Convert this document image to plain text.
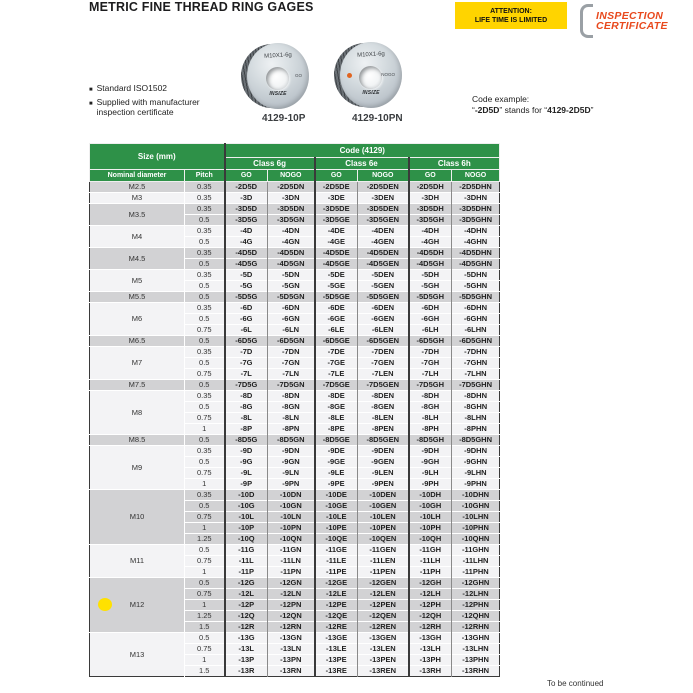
METRIC FINE THREAD RING GAGES	ATTENTION:
LIFE TIME IS LIMITED	INSPECTION
CERTIFICATE
M10X1-6g
GO
INSIZE
4129-10P
M10X1-6g
NOGO
INSIZE
4129-10PN
■ Standard ISO1502
■ Supplied with manufacturer inspection certificate
Code example:
“-2D5D” stands for “4129-2D5D”
Size (mm)		Code (4129)					
		Class 6g		Class 6e		Class 6h	
Nominal diameter	Pitch	GO	NOGO	GO	NOGO	GO	NOGO
M2.5	0.35	-2D5D	-2D5DN	-2D5DE	-2D5DEN	-2D5DH	-2D5DHN
M3	0.35	-3D	-3DN	-3DE	-3DEN	-3DH	-3DHN
M3.5	0.35	-3D5D	-3D5DN	-3D5DE	-3D5DEN	-3D5DH	-3D5DHN
	0.5	-3D5G	-3D5GN	-3D5GE	-3D5GEN	-3D5GH	-3D5GHN
M4	0.35	-4D	-4DN	-4DE	-4DEN	-4DH	-4DHN
	0.5	-4G	-4GN	-4GE	-4GEN	-4GH	-4GHN
M4.5	0.35	-4D5D	-4D5DN	-4D5DE	-4D5DEN	-4D5DH	-4D5DHN
	0.5	-4D5G	-4D5GN	-4D5GE	-4D5GEN	-4D5GH	-4D5GHN
M5	0.35	-5D	-5DN	-5DE	-5DEN	-5DH	-5DHN
	0.5	-5G	-5GN	-5GE	-5GEN	-5GH	-5GHN
M5.5	0.5	-5D5G	-5D5GN	-5D5GE	-5D5GEN	-5D5GH	-5D5GHN
M6	0.35	-6D	-6DN	-6DE	-6DEN	-6DH	-6DHN
	0.5	-6G	-6GN	-6GE	-6GEN	-6GH	-6GHN
	0.75	-6L	-6LN	-6LE	-6LEN	-6LH	-6LHN
M6.5	0.5	-6D5G	-6D5GN	-6D5GE	-6D5GEN	-6D5GH	-6D5GHN
M7	0.35	-7D	-7DN	-7DE	-7DEN	-7DH	-7DHN
	0.5	-7G	-7GN	-7GE	-7GEN	-7GH	-7GHN
	0.75	-7L	-7LN	-7LE	-7LEN	-7LH	-7LHN
M7.5	0.5	-7D5G	-7D5GN	-7D5GE	-7D5GEN	-7D5GH	-7D5GHN
M8	0.35	-8D	-8DN	-8DE	-8DEN	-8DH	-8DHN
	0.5	-8G	-8GN	-8GE	-8GEN	-8GH	-8GHN
	0.75	-8L	-8LN	-8LE	-8LEN	-8LH	-8LHN
	1	-8P	-8PN	-8PE	-8PEN	-8PH	-8PHN
M8.5	0.5	-8D5G	-8D5GN	-8D5GE	-8D5GEN	-8D5GH	-8D5GHN
M9	0.35	-9D	-9DN	-9DE	-9DEN	-9DH	-9DHN
	0.5	-9G	-9GN	-9GE	-9GEN	-9GH	-9GHN
	0.75	-9L	-9LN	-9LE	-9LEN	-9LH	-9LHN
	1	-9P	-9PN	-9PE	-9PEN	-9PH	-9PHN
M10	0.35	-10D	-10DN	-10DE	-10DEN	-10DH	-10DHN
	0.5	-10G	-10GN	-10GE	-10GEN	-10GH	-10GHN
	0.75	-10L	-10LN	-10LE	-10LEN	-10LH	-10LHN
	1	-10P	-10PN	-10PE	-10PEN	-10PH	-10PHN
	1.25	-10Q	-10QN	-10QE	-10QEN	-10QH	-10QHN
M11	0.5	-11G	-11GN	-11GE	-11GEN	-11GH	-11GHN
	0.75	-11L	-11LN	-11LE	-11LEN	-11LH	-11LHN
	1	-11P	-11PN	-11PE	-11PEN	-11PH	-11PHN

M12	0.5	-12G	-12GN	-12GE	-12GEN	-12GH	-12GHN
	0.75	-12L	-12LN	-12LE	-12LEN	-12LH	-12LHN
	1	-12P	-12PN	-12PE	-12PEN	-12PH	-12PHN
	1.25	-12Q	-12QN	-12QE	-12QEN	-12QH	-12QHN
	1.5	-12R	-12RN	-12RE	-12REN	-12RH	-12RHN
M13	0.5	-13G	-13GN	-13GE	-13GEN	-13GH	-13GHN
	0.75	-13L	-13LN	-13LE	-13LEN	-13LH	-13LHN
	1	-13P	-13PN	-13PE	-13PEN	-13PH	-13PHN
	1.5	-13R	-13RN	-13RE	-13REN	-13RH	-13RHN
To be continued
